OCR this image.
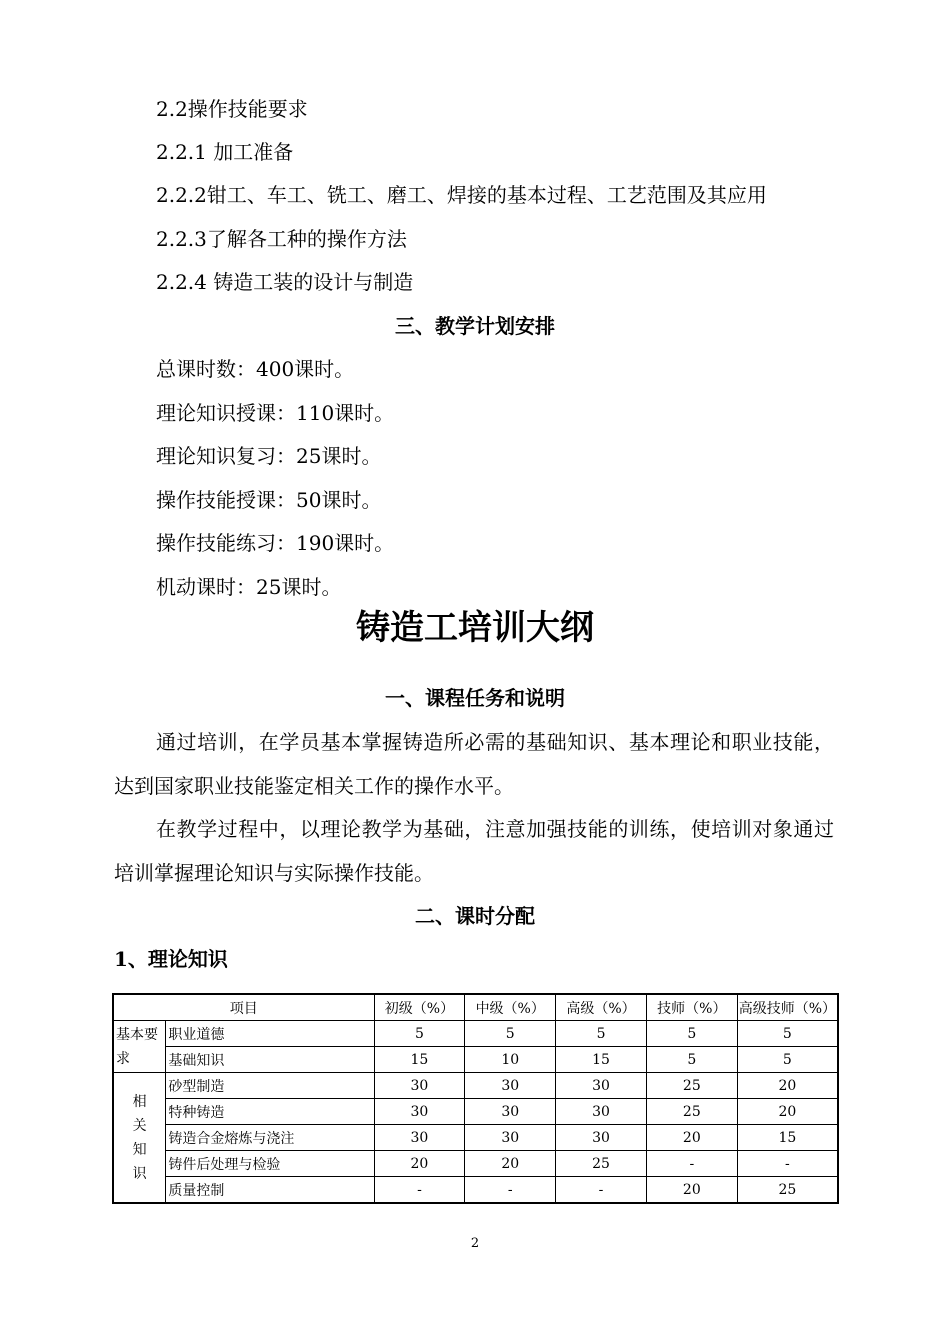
2.2操作技能要求
2.2.1 加工准备
2.2.2钳工、车工、铣工、磨工、焊接的基本过程、工艺范围及其应用
2.2.3了解各工种的操作方法
2.2.4 铸造工装的设计与制造
三、教学计划安排
总课时数：400课时。
理论知识授课：110课时。
理论知识复习：25课时。
操作技能授课：50课时。
操作技能练习：190课时。
机动课时：25课时。
铸造工培训大纲
一、课程任务和说明
通过培训，在学员基本掌握铸造所必需的基础知识、基本理论和职业技能，达到国家职业技能鉴定相关工作的操作水平。
在教学过程中，以理论教学为基础，注意加强技能的训练，使培训对象通过培训掌握理论知识与实际操作技能。
二、课时分配
1、理论知识
项目		初级（%）	中级（%）	高级（%）	技师（%）	高级技师（%）
基本要求	职业道德	5	5	5	5	5
	基础知识	15	10	15	5	5
相
关
知
识	砂型制造	30	30	30	25	20
	特种铸造	30	30	30	25	20
	铸造合金熔炼与浇注	30	30	30	20	15
	铸件后处理与检验	20	20	25	-	-
	质量控制	-	-	-	20	25
2
